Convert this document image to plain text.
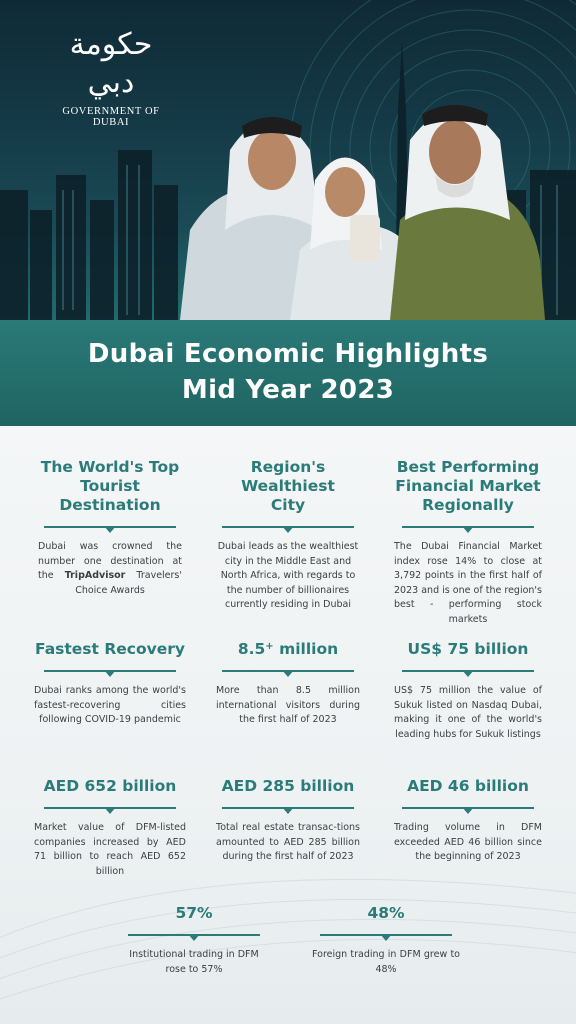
حكومة دبي
GOVERNMENT OF DUBAI
Dubai Economic Highlights
Mid Year 2023
The World's Top Tourist Destination
Dubai was crowned the number one destination at the TripAdvisor Travelers' Choice Awards
Region's Wealthiest City
Dubai leads as the wealthiest city in the Middle East and North Africa, with regards to the number of billionaires currently residing in Dubai
Best Performing Financial Market Regionally
The Dubai Financial Market index rose 14% to close at 3,792 points in the first half of 2023 and is one of the region's best - performing stock markets
Fastest Recovery
Dubai ranks among the world's fastest-recovering cities following COVID-19 pandemic
8.5+ million
More than 8.5 million international visitors during the first half of 2023
US$ 75 billion
US$ 75 million the value of Sukuk listed on Nasdaq Dubai, making it one of the world's leading hubs for Sukuk listings
AED 652 billion
Market value of DFM-listed companies increased by AED 71 billion to reach AED 652 billion
AED 285 billion
Total real estate transac-tions amounted to AED 285 billion during the first half of 2023
AED 46 billion
Trading volume in DFM exceeded AED 46 billion since the beginning of 2023
57%
Institutional trading in DFM rose to 57%
48%
Foreign trading in DFM grew to 48%
